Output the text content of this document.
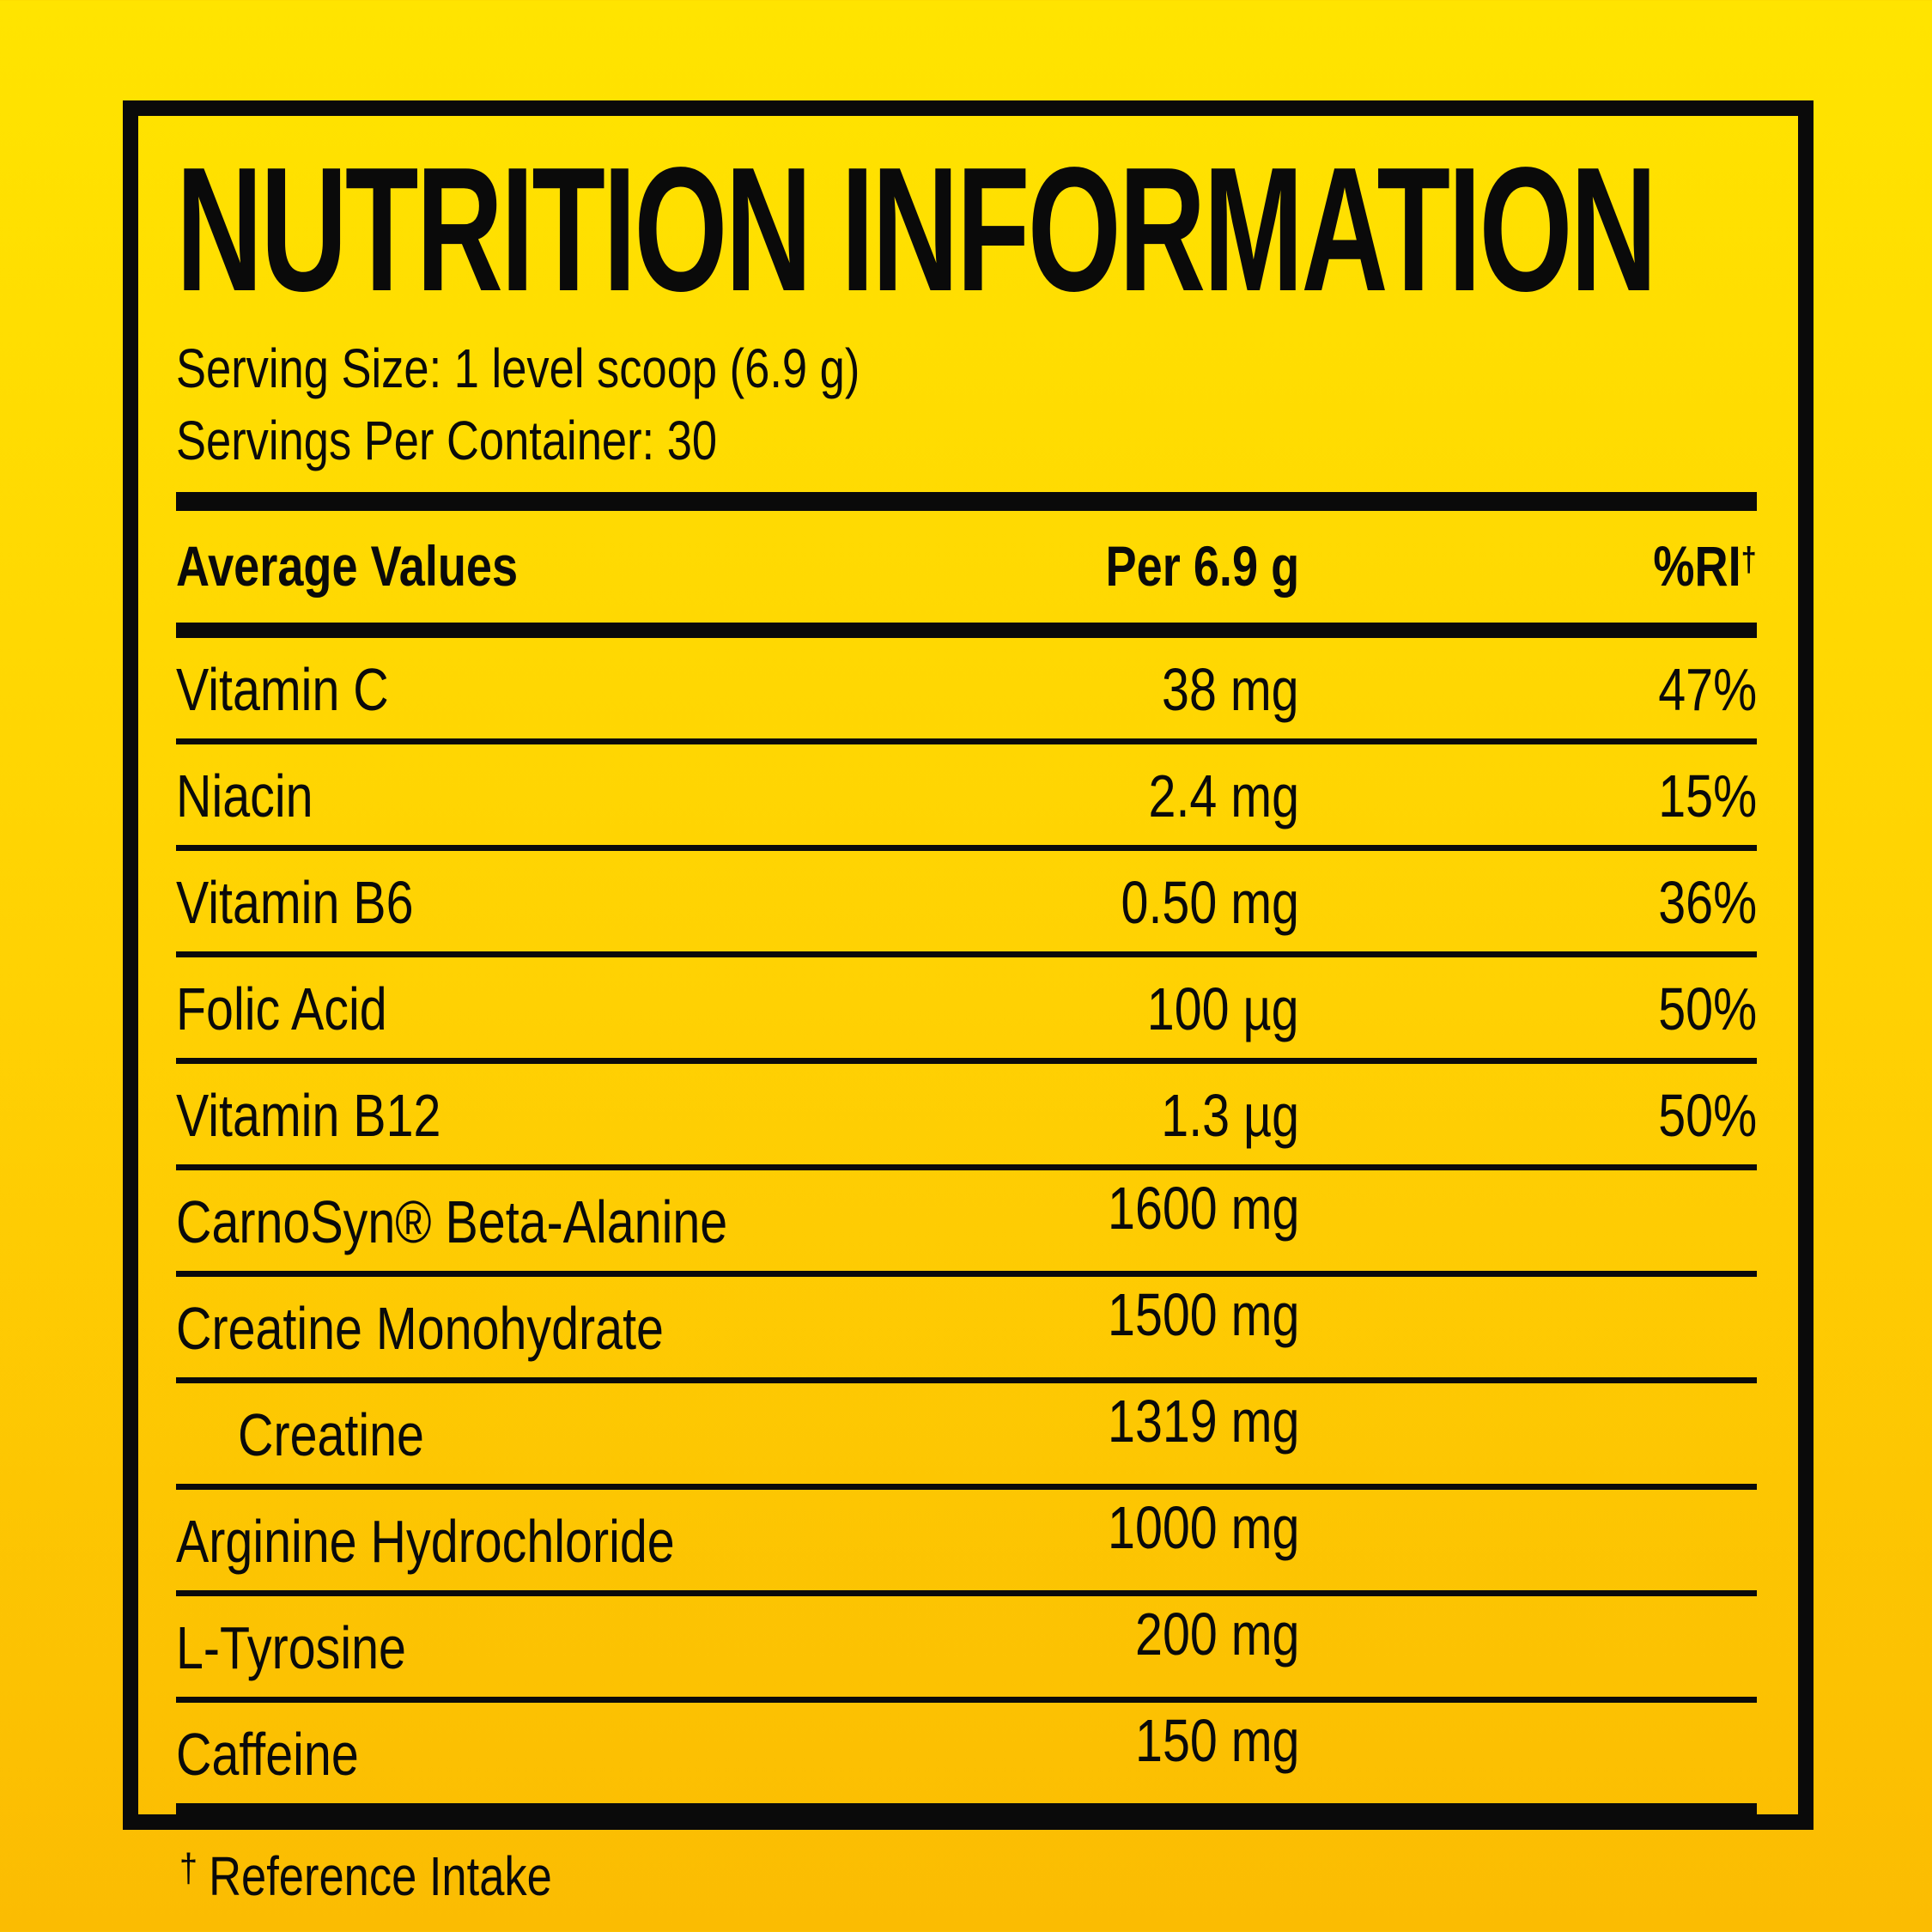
NUTRITION INFORMATION
Serving Size: 1 level scoop (6.9 g)
Servings Per Container: 30
Average Values	Per 6.9 g	%RI†
Vitamin C	38 mg	47%
Niacin	2.4 mg	15%
Vitamin B6	0.50 mg	36%
Folic Acid	100 µg	50%
Vitamin B12	1.3 µg	50%
CarnoSyn® Beta-Alanine	1600 mg
Creatine Monohydrate	1500 mg
Creatine	1319 mg
Arginine Hydrochloride	1000 mg
L-Tyrosine	200 mg
Caffeine	150 mg
† Reference Intake
